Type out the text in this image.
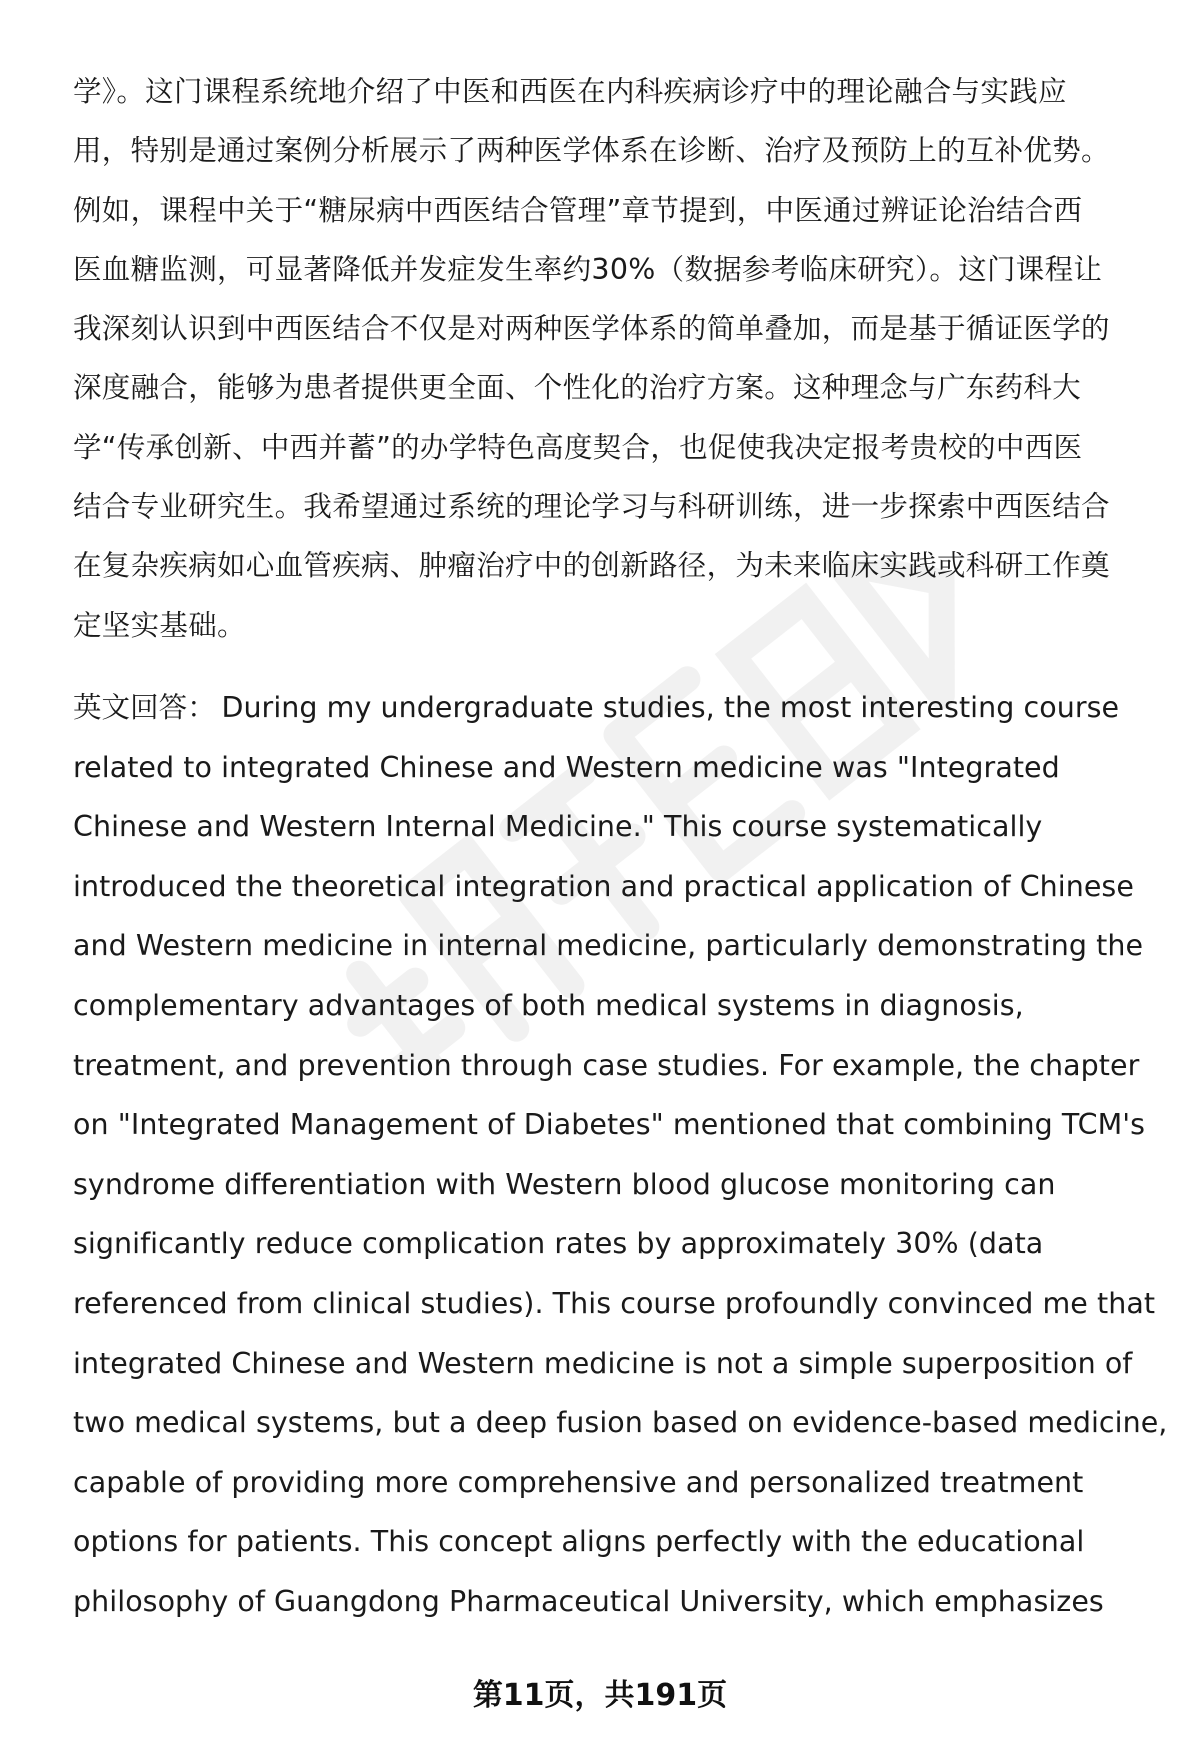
学》。这门课程系统地介绍了中医和西医在内科疾病诊疗中的理论融合与实践应
用，特别是通过案例分析展示了两种医学体系在诊断、治疗及预防上的互补优势。
例如，课程中关于“糖尿病中西医结合管理”章节提到，中医通过辨证论治结合西
医血糖监测，可显著降低并发症发生率约30%（数据参考临床研究）。这门课程让
我深刻认识到中西医结合不仅是对两种医学体系的简单叠加，而是基于循证医学的
深度融合，能够为患者提供更全面、个性化的治疗方案。这种理念与广东药科大
学“传承创新、中西并蓄”的办学特色高度契合，也促使我决定报考贵校的中西医
结合专业研究生。我希望通过系统的理论学习与科研训练，进一步探索中西医结合
在复杂疾病如心血管疾病、肿瘤治疗中的创新路径，为未来临床实践或科研工作奠
定坚实基础。

英文回答： During my undergraduate studies, the most interesting course
related to integrated Chinese and Western medicine was "Integrated
Chinese and Western Internal Medicine." This course systematically
introduced the theoretical integration and practical application of Chinese
and Western medicine in internal medicine, particularly demonstrating the
complementary advantages of both medical systems in diagnosis,
treatment, and prevention through case studies. For example, the chapter
on "Integrated Management of Diabetes" mentioned that combining TCM's
syndrome differentiation with Western blood glucose monitoring can
significantly reduce complication rates by approximately 30% (data
referenced from clinical studies). This course profoundly convinced me that
integrated Chinese and Western medicine is not a simple superposition of
two medical systems, but a deep fusion based on evidence-based medicine,
capable of providing more comprehensive and personalized treatment
options for patients. This concept aligns perfectly with the educational
philosophy of Guangdong Pharmaceutical University, which emphasizes

第11页，共191页
